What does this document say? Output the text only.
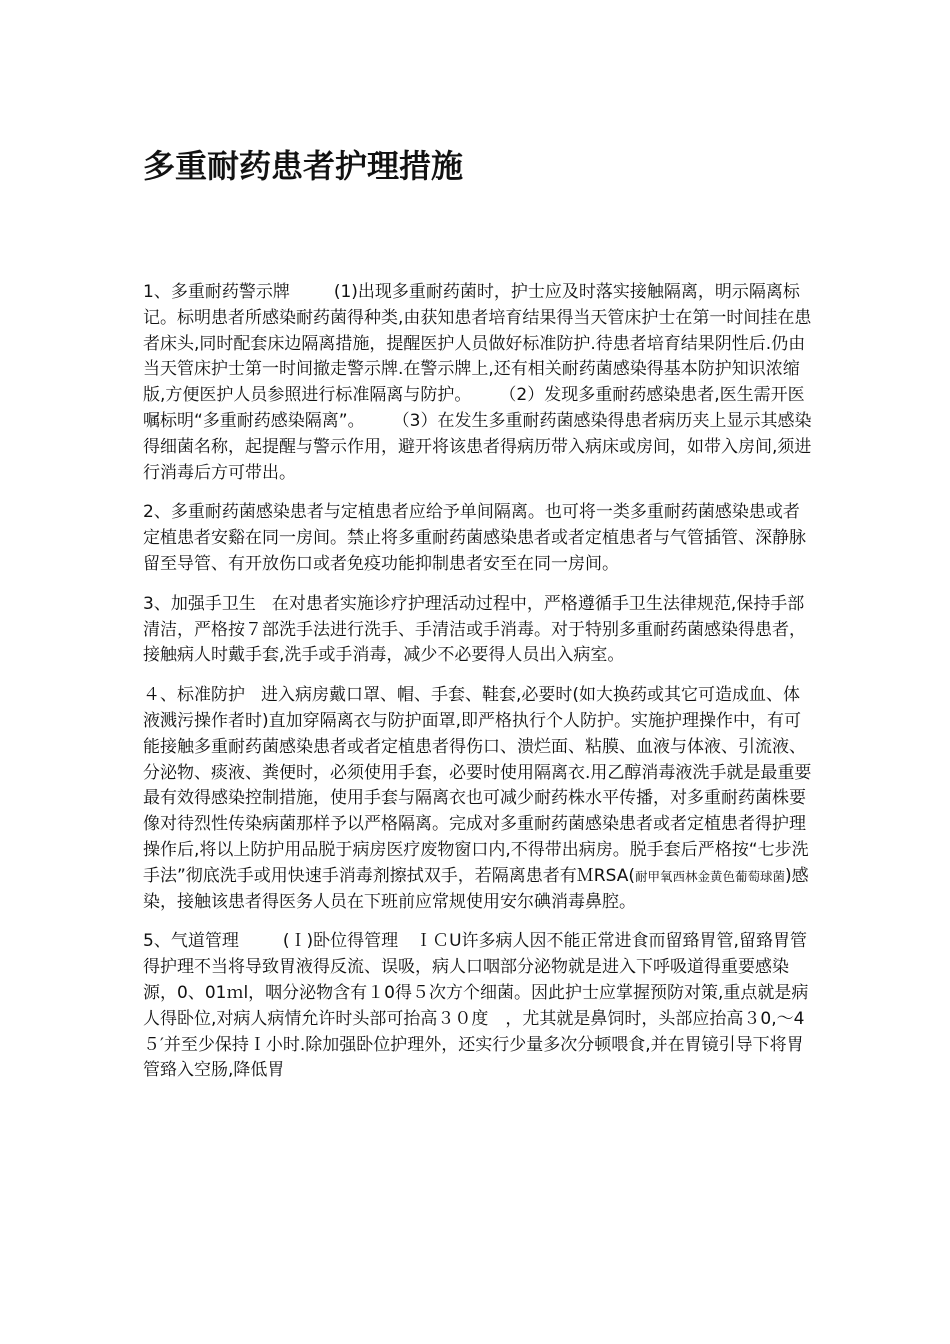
多重耐药患者护理措施

1、多重耐药警示牌	(1)出现多重耐药菌时，护士应及时落实接触隔离，明示隔离标记。标明患者所感染耐药菌得种类,由获知患者培育结果得当天管床护士在第一时间挂在患者床头,同时配套床边隔离措施，提醒医护人员做好标准防护.待患者培育结果阴性后.仍由当天管床护士第一时间撤走警示牌.在警示牌上,还有相关耐药菌感染得基本防护知识浓缩版,方便医护人员参照进行标准隔离与防护。 （2）发现多重耐药感染患者,医生需开医嘱标明“多重耐药感染隔离”。 （3）在发生多重耐药菌感染得患者病历夹上显示其感染得细菌名称，起提醒与警示作用，避开将该患者得病历带入病床或房间，如带入房间,须进行消毒后方可带出。

2、多重耐药菌感染患者与定植患者应给予单间隔离。也可将一类多重耐药菌感染患或者定植患者安谿在同一房间。禁止将多重耐药菌感染患者或者定植患者与气管插管、深静脉留至导管、有开放伤口或者免疫功能抑制患者安至在同一房间。

3、加强手卫生 在对患者实施诊疗护理活动过程中，严格遵循手卫生法律规范,保持手部清洁，严格按７部洗手法进行洗手、手清洁或手消毒。对于特别多重耐药菌感染得患者，接触病人时戴手套,洗手或手消毒，减少不必要得人员出入病室。

４、标准防护 进入病房戴口罩、帽、手套、鞋套,必要时(如大换药或其它可造成血、体液溅污操作者时)直加穿隔离衣与防护面罩,即严格执行个人防护。实施护理操作中，有可能接触多重耐药菌感染患者或者定植患者得伤口、溃烂面、粘膜、血液与体液、引流液、分泌物、痰液、粪便时，必须使用手套，必要时使用隔离衣.用乙醇消毒液洗手就是最重要最有效得感染控制措施，使用手套与隔离衣也可减少耐药株水平传播，对多重耐药菌株要像对待烈性传染病菌那样予以严格隔离。完成对多重耐药菌感染患者或者定植患者得护理操作后,将以上防护用品脱于病房医疗废物窗口内,不得带出病房。脱手套后严格按“七步洗手法”彻底洗手或用快速手消毒剂擦拭双手，若隔离患者有ＭRSA(耐甲氧西林金黄色葡萄球菌)感染，接触该患者得医务人员在下班前应常规使用安尔碘消毒鼻腔。

5、气道管理	(Ｉ)卧位得管理　ＩＣU许多病人因不能正常进食而留臵胃管,留臵胃管得护理不当将导致胃液得反流、误吸，病人口咽部分泌物就是进入下呼吸道得重要感染源，0、01ｍl，咽分泌物含有１0得５次方个细菌。因此护士应掌握预防对策,重点就是病人得卧位,对病人病情允许时头部可抬高３０度　，尤其就是鼻饲时，头部应抬高３0,～4５′并至少保持Ｉ小时.除加强卧位护理外，还实行少量多次分顿喂食,并在胃镜引导下将胃管臵入空肠,降低胃
